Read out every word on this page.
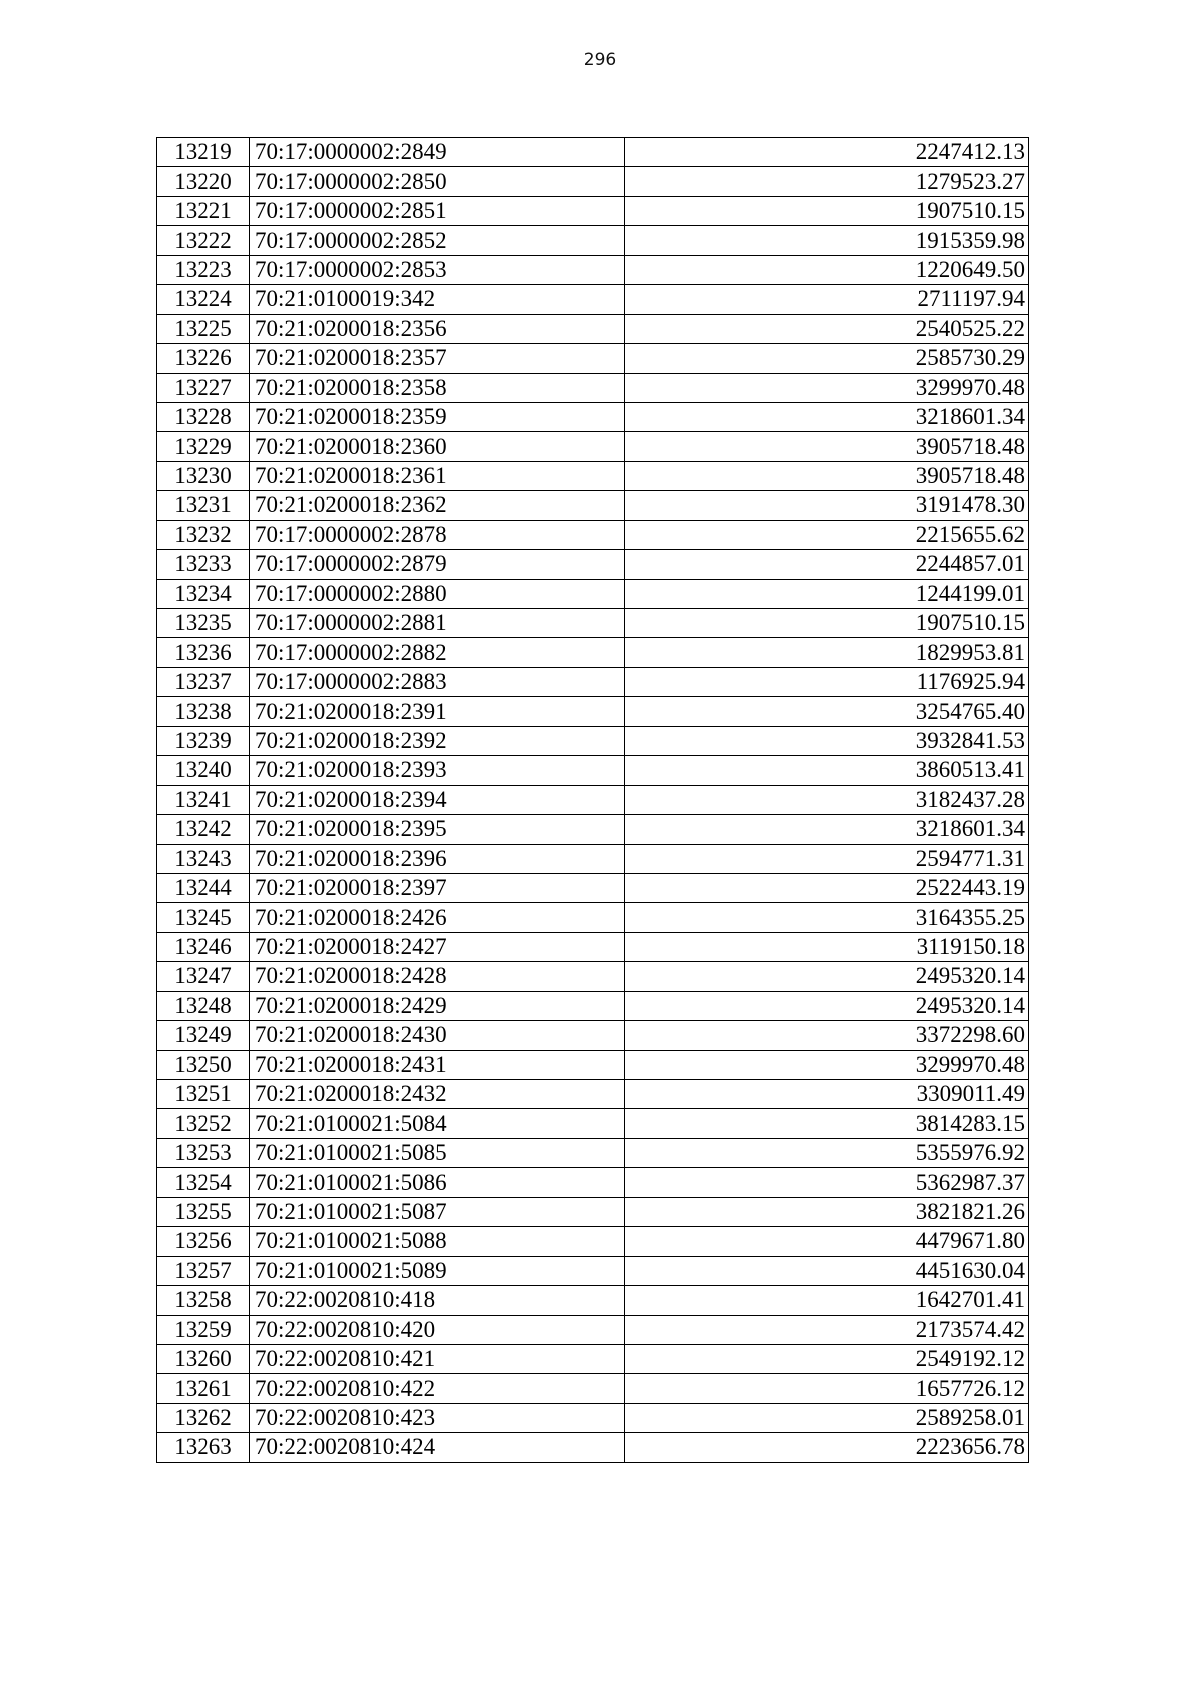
296
13219	70:17:0000002:2849	2247412.13
13220	70:17:0000002:2850	1279523.27
13221	70:17:0000002:2851	1907510.15
13222	70:17:0000002:2852	1915359.98
13223	70:17:0000002:2853	1220649.50
13224	70:21:0100019:342	2711197.94
13225	70:21:0200018:2356	2540525.22
13226	70:21:0200018:2357	2585730.29
13227	70:21:0200018:2358	3299970.48
13228	70:21:0200018:2359	3218601.34
13229	70:21:0200018:2360	3905718.48
13230	70:21:0200018:2361	3905718.48
13231	70:21:0200018:2362	3191478.30
13232	70:17:0000002:2878	2215655.62
13233	70:17:0000002:2879	2244857.01
13234	70:17:0000002:2880	1244199.01
13235	70:17:0000002:2881	1907510.15
13236	70:17:0000002:2882	1829953.81
13237	70:17:0000002:2883	1176925.94
13238	70:21:0200018:2391	3254765.40
13239	70:21:0200018:2392	3932841.53
13240	70:21:0200018:2393	3860513.41
13241	70:21:0200018:2394	3182437.28
13242	70:21:0200018:2395	3218601.34
13243	70:21:0200018:2396	2594771.31
13244	70:21:0200018:2397	2522443.19
13245	70:21:0200018:2426	3164355.25
13246	70:21:0200018:2427	3119150.18
13247	70:21:0200018:2428	2495320.14
13248	70:21:0200018:2429	2495320.14
13249	70:21:0200018:2430	3372298.60
13250	70:21:0200018:2431	3299970.48
13251	70:21:0200018:2432	3309011.49
13252	70:21:0100021:5084	3814283.15
13253	70:21:0100021:5085	5355976.92
13254	70:21:0100021:5086	5362987.37
13255	70:21:0100021:5087	3821821.26
13256	70:21:0100021:5088	4479671.80
13257	70:21:0100021:5089	4451630.04
13258	70:22:0020810:418	1642701.41
13259	70:22:0020810:420	2173574.42
13260	70:22:0020810:421	2549192.12
13261	70:22:0020810:422	1657726.12
13262	70:22:0020810:423	2589258.01
13263	70:22:0020810:424	2223656.78
